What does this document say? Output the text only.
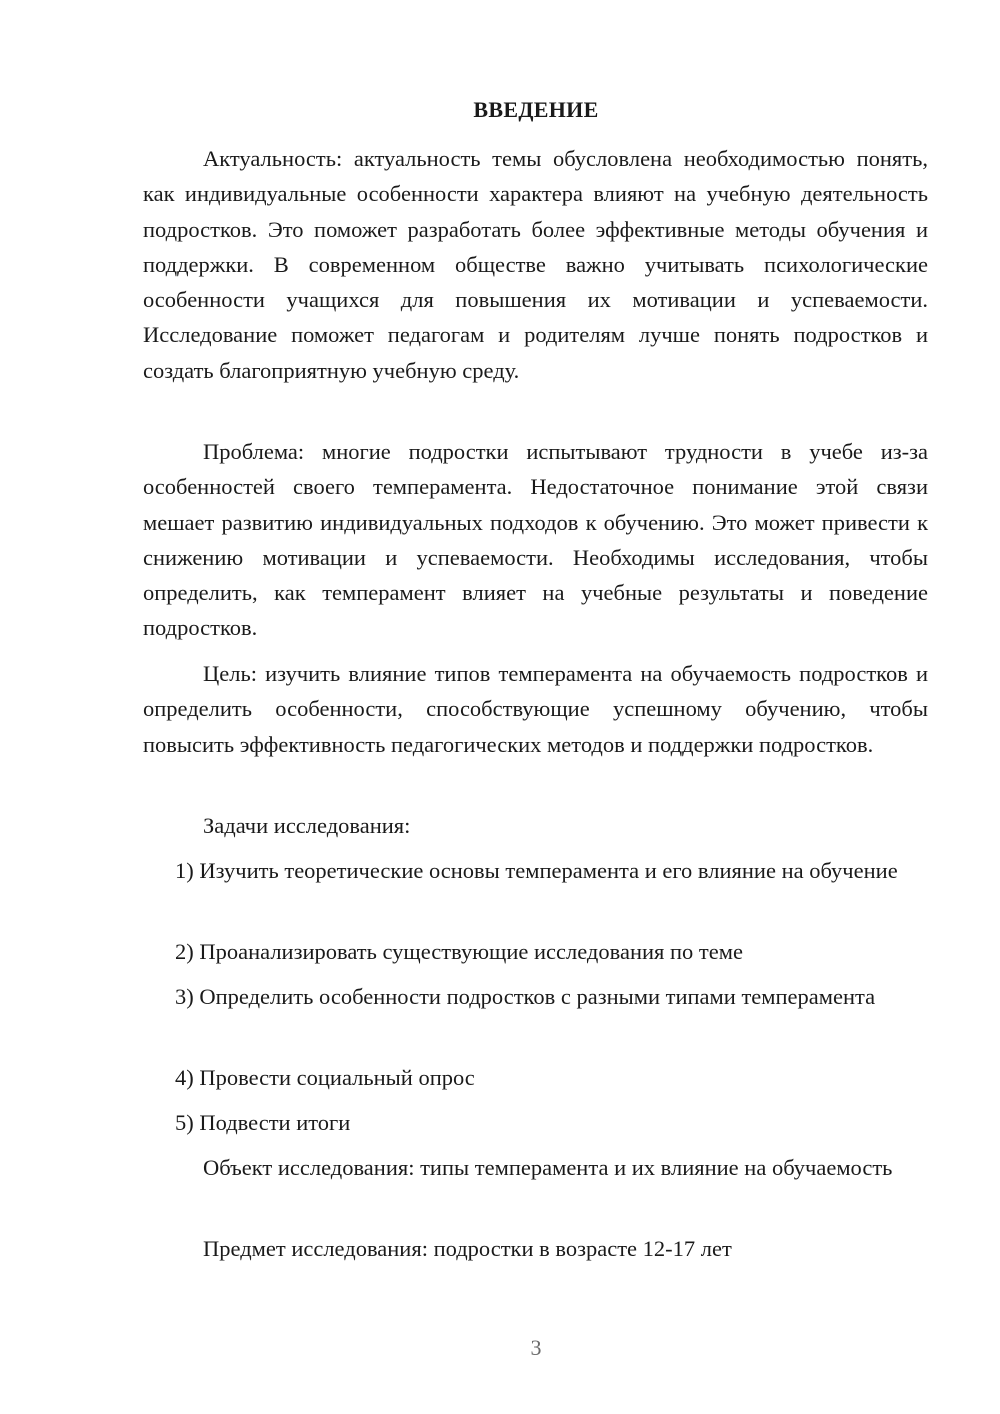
ВВЕДЕНИЕ

Актуальность: актуальность темы обусловлена необходимостью понять, как индивидуальные особенности характера влияют на учебную деятельность подростков. Это поможет разработать более эффективные методы обучения и поддержки. В современном обществе важно учитывать психологические особенности учащихся для повышения их мотивации и успеваемости. Исследование поможет педагогам и родителям лучше понять подростков и создать благоприятную учебную среду.

Проблема: многие подростки испытывают трудности в учебе из-за особенностей своего темперамента. Недостаточное понимание этой связи мешает развитию индивидуальных подходов к обучению. Это может привести к снижению мотивации и успеваемости. Необходимы исследования, чтобы определить, как темперамент влияет на учебные результаты и поведение подростков.

Цель: изучить влияние типов темперамента на обучаемость подростков и определить особенности, способствующие успешному обучению, чтобы повысить эффективность педагогических методов и поддержки подростков.

Задачи исследования:

1) Изучить теоретические основы темперамента и его влияние на обучение

2) Проанализировать существующие исследования по теме

3) Определить особенности подростков с разными типами темперамента

4) Провести социальный опрос

5) Подвести итоги

Объект исследования: типы темперамента и их влияние на обучаемость

Предмет исследования: подростки в возрасте 12-17 лет

3
